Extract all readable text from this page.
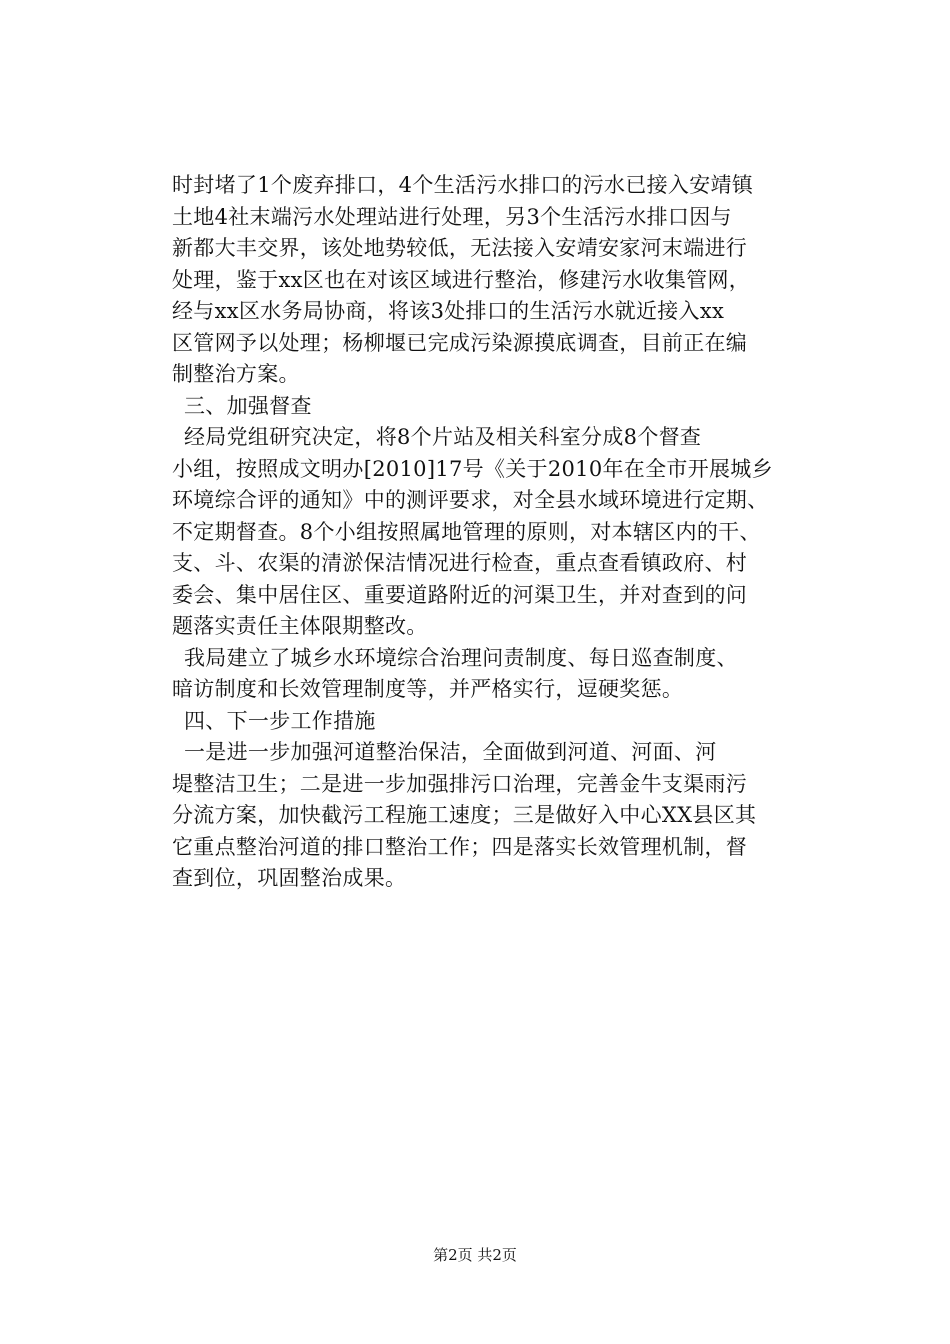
时封堵了1个废弃排口，4个生活污水排口的污水已接入安靖镇
土地4社末端污水处理站进行处理，另3个生活污水排口因与
新都大丰交界，该处地势较低，无法接入安靖安家河末端进行
处理，鉴于xx区也在对该区域进行整治，修建污水收集管网，
经与xx区水务局协商，将该3处排口的生活污水就近接入xx
区管网予以处理；杨柳堰已完成污染源摸底调查，目前正在编
制整治方案。
三、加强督查
经局党组研究决定，将8个片站及相关科室分成8个督查
小组，按照成文明办[2010]17号《关于2010年在全市开展城乡
环境综合评的通知》中的测评要求，对全县水域环境进行定期、
不定期督查。8个小组按照属地管理的原则，对本辖区内的干、
支、斗、农渠的清淤保洁情况进行检查，重点查看镇政府、村
委会、集中居住区、重要道路附近的河渠卫生，并对查到的问
题落实责任主体限期整改。
我局建立了城乡水环境综合治理问责制度、每日巡查制度、
暗访制度和长效管理制度等，并严格实行，逗硬奖惩。
四、下一步工作措施
一是进一步加强河道整治保洁，全面做到河道、河面、河
堤整洁卫生；二是进一步加强排污口治理，完善金牛支渠雨污
分流方案，加快截污工程施工速度；三是做好入中心XX县区其
它重点整治河道的排口整治工作；四是落实长效管理机制，督
查到位，巩固整治成果。
第2页 共2页
